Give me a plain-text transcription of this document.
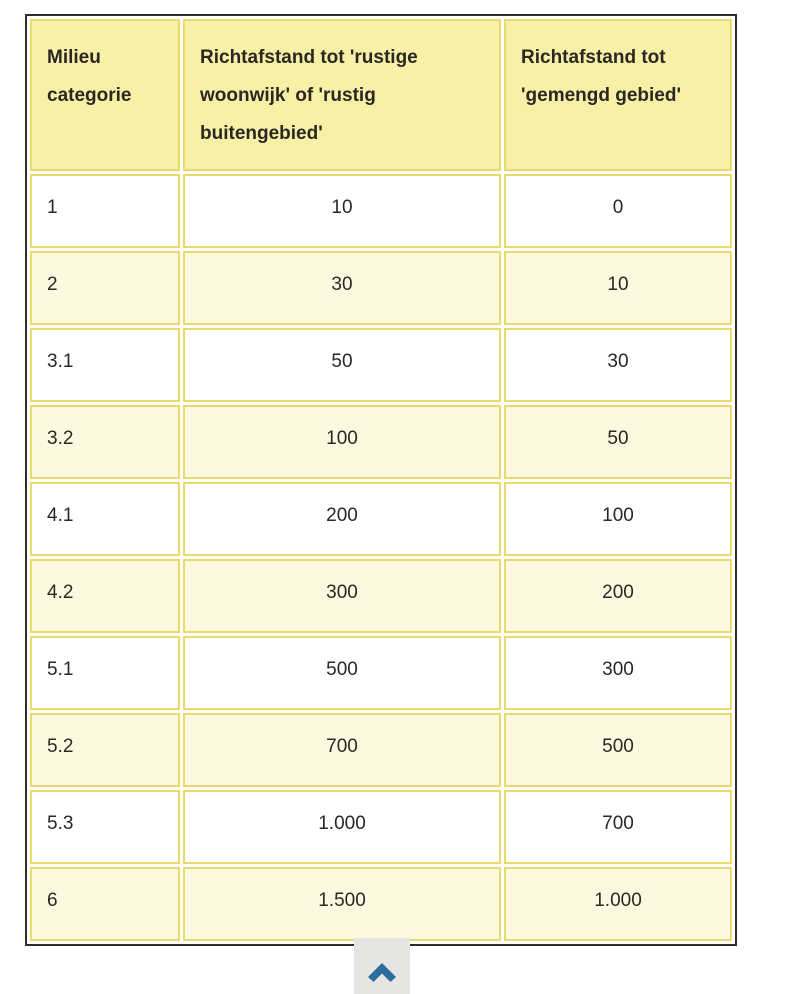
Milieu categorie	Richtafstand tot 'rustige woonwijk' of 'rustig buitengebied'	Richtafstand tot 'gemengd gebied'
1	10	0
2	30	10
3.1	50	30
3.2	100	50
4.1	200	100
4.2	300	200
5.1	500	300
5.2	700	500
5.3	1.000	700
6	1.500	1.000
